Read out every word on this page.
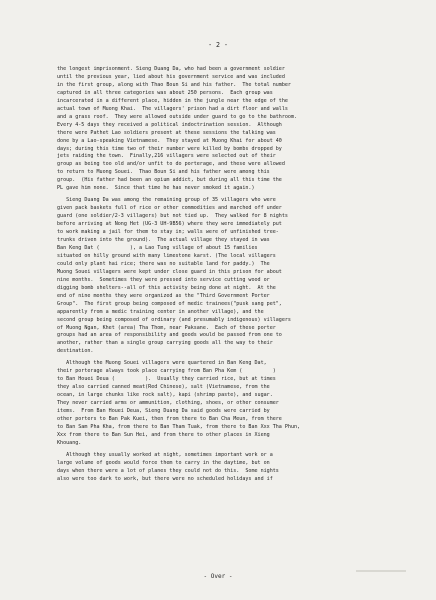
- 2 -
the longest imprisonment. Sieng Duang Da, who had been a government soldier
until the previous year, lied about his government service and was included
in the first group, along with Thao Boun Si and his father.  The total number
captured in all three categories was about 250 persons.  Each group was
incarcerated in a different place, hidden in the jungle near the edge of the
actual town of Muong Khai.  The villagers' prison had a dirt floor and walls
and a grass roof.  They were allowed outside under guard to go to the bathroom.
Every 4-5 days they received a political indoctrination session.  Although
there were Pathet Lao soldiers present at these sessions the talking was
done by a Lao-speaking Vietnamese.  They stayed at Muong Khai for about 40
days; during this time two of their number were killed by bombs dropped by
jets raiding the town.  Finally,216 villagers were selected out of their
group as being too old and/or unfit to do porterage, and these were allowed
to return to Muong Souei.  Thao Boun Si and his father were among this
group.  (His father had been an opium addict, but during all this time the
PL gave him none.  Since that time he has never smoked it again.)
Sieng Duang Da was among the remaining group of 35 villagers who were
given pack baskets full of rice or other commodities and marched off under
guard (one soldier/2-3 villagers) but not tied up.  They walked for 8 nights
before arriving at Nong Het (UG-3 UH-9B56) where they were immediately put
to work making a jail for them to stay in; walls were of unfinished tree-
trunks driven into the ground).  The actual village they stayed in was
Ban Keng Dat (          ), a Lao Tung village of about 15 families
situated on hilly ground with many limestone karst. (The local villagers
could only plant hai rice; there was no suitable land for paddy.)  The
Muong Souei villagers were kept under close guard in this prison for about
nine months.  Sometimes they were pressed into service cutting wood or
digging bomb shelters--all of this activity being done at night.  At the
end of nine months they were organized as the "Third Government Porter
Group".  The first group being composed of medic trainees("pusk sang pet",
apparently from a medic training center in another village), and the
second group being composed of ordinary (and presumably indigenous) villagers
of Muong Ngan, Khet (area) Tha Thom, near Paksane.  Each of these porter
groups had an area of responsibility and goods would be passed from one to
another, rather than a single group carrying goods all the way to their
destination.
Although the Muong Souei villagers were quartered in Ban Keng Dat,
their porterage always took place carrying from Ban Pha Kem (          )
to Ban Houei Deua (          ).  Usually they carried rice, but at times
they also carried canned meat(Red Chinese), salt (Vietnamese, from the
ocean, in large chunks like rock salt), kapi (shrimp paste), and sugar.
They never carried arms or ammunition, clothing, shoes, or other consumer
items.  From Ban Houei Deua, Sieng Duang Da said goods were carried by
other porters to Ban Pak Kuei, then from there to Ban Cha Meun, from there
to Ban Sam Pha Kha, from there to Ban Tham Tuak, from there to Ban Xxx Tha Phun,
Xxx from there to Ban Sun Hei, and from there to other places in Xieng
Khouang.
Although they usually worked at night, sometimes important work or a
large volume of goods would force them to carry in the daytime, but on
days when there were a lot of planes they could not do this.  Some nights
also were too dark to work, but there were no scheduled holidays and if
- Over -
